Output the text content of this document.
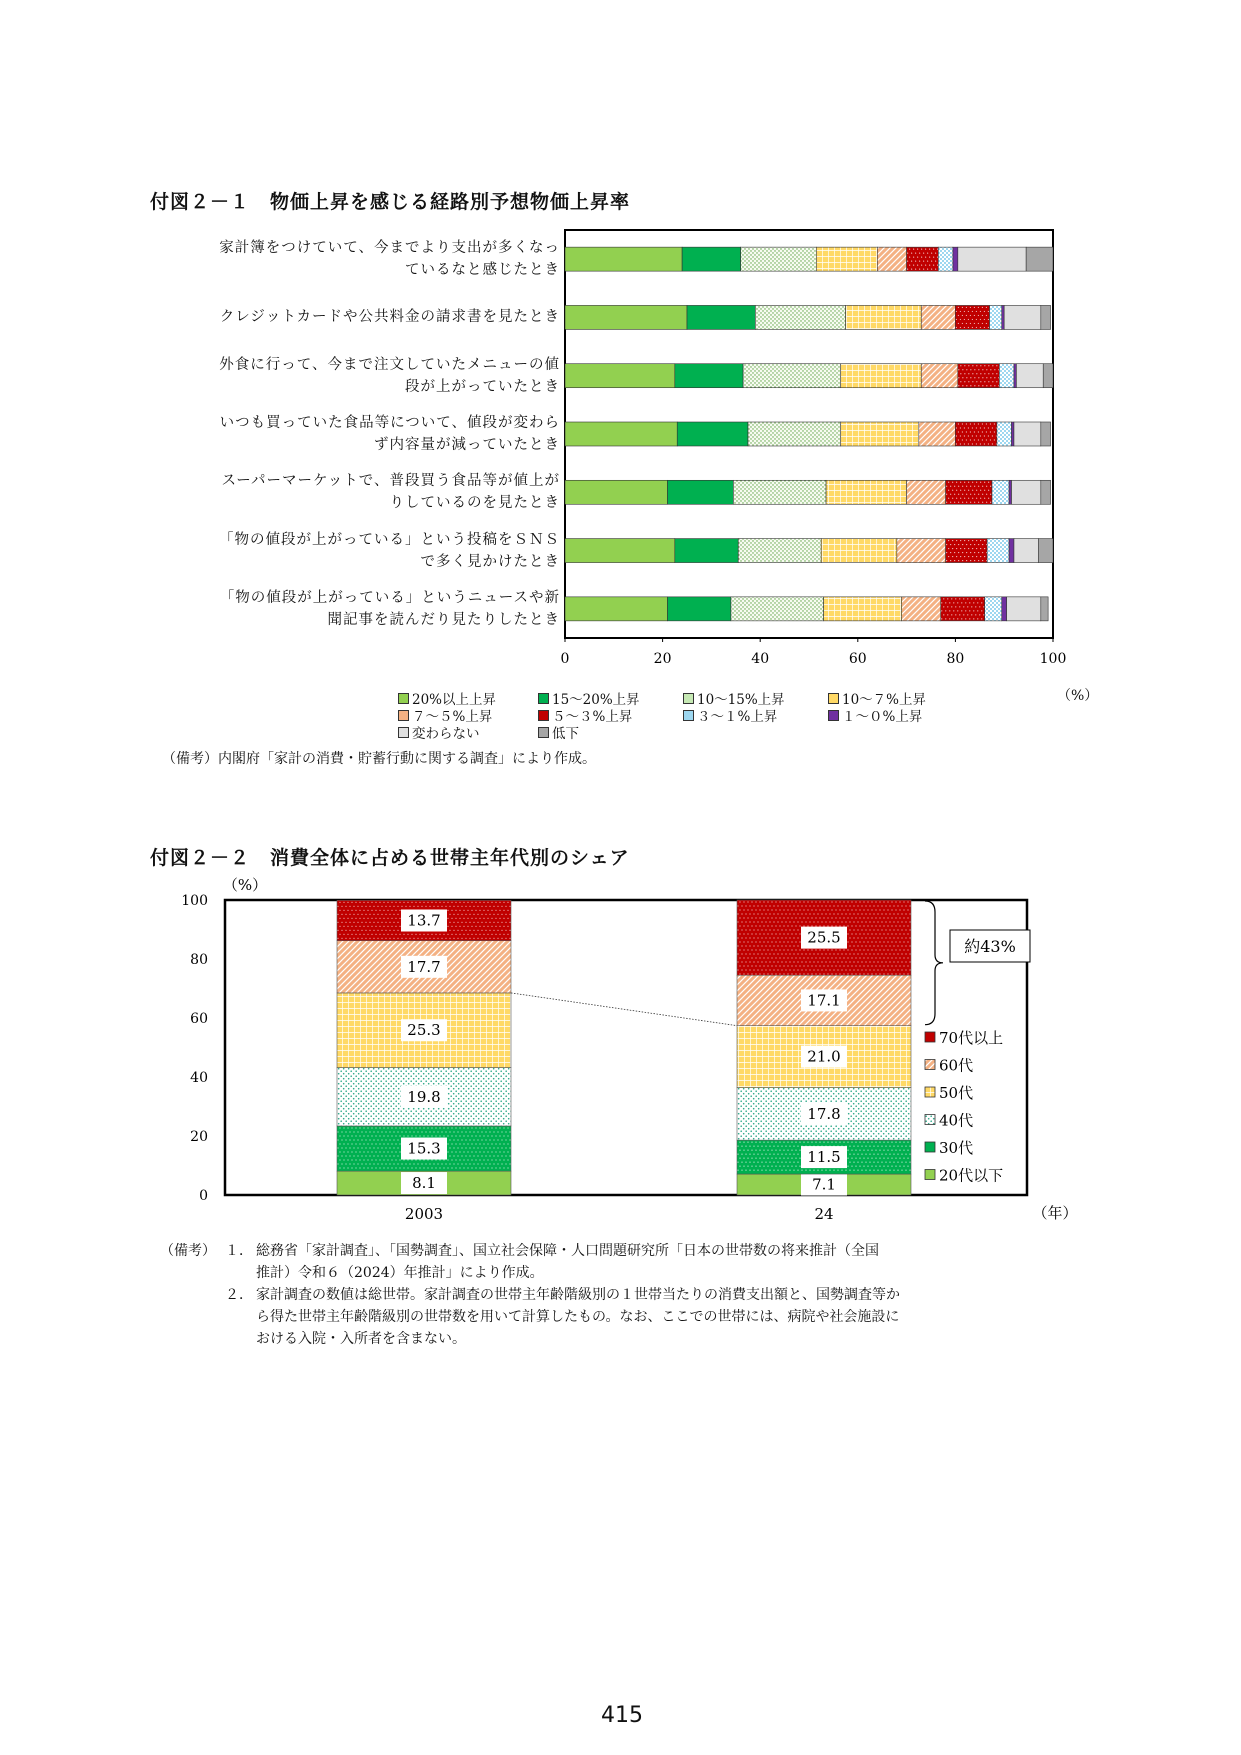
付図２－１　物価上昇を感じる経路別予想物価上昇率
家計簿をつけていて、今までより支出が多くなっ
ているなと感じたとき
クレジットカードや公共料金の請求書を見たとき
外食に行って、今まで注文していたメニューの値
段が上がっていたとき
いつも買っていた食品等について、値段が変わら
ず内容量が減っていたとき
スーパーマーケットで、普段買う食品等が値上が
りしているのを見たとき
「物の値段が上がっている」という投稿をＳＮＳ
で多く見かけたとき
「物の値段が上がっている」というニュースや新
聞記事を読んだり見たりしたとき
0	20	40	60	80	100
20%以上上昇	15～20%上昇	10～15%上昇	10～７%上昇
７～５%上昇	５～３%上昇	３～１%上昇	１～０%上昇
変わらない	低下
（%）
（備考）内閣府「家計の消費・貯蓄行動に関する調査」により作成。
付図２－２　消費全体に占める世帯主年代別のシェア
0
20
40
60
80
100
（%）
（年）
8.1
15.3
19.8
25.3
17.7
13.7
2003
7.1
11.5
17.8
21.0
17.1
25.5
24
約43%
70代以上
60代
50代
40代
30代
20代以下
（備考） １． 総務省「家計調査」、「国勢調査」、国立社会保障・人口問題研究所「日本の世帯数の将来推計（全国
推計）令和６（2024）年推計」により作成。
２． 家計調査の数値は総世帯。家計調査の世帯主年齢階級別の１世帯当たりの消費支出額と、国勢調査等か
ら得た世帯主年齢階級別の世帯数を用いて計算したもの。なお、ここでの世帯には、病院や社会施設に
おける入院・入所者を含まない。
415
